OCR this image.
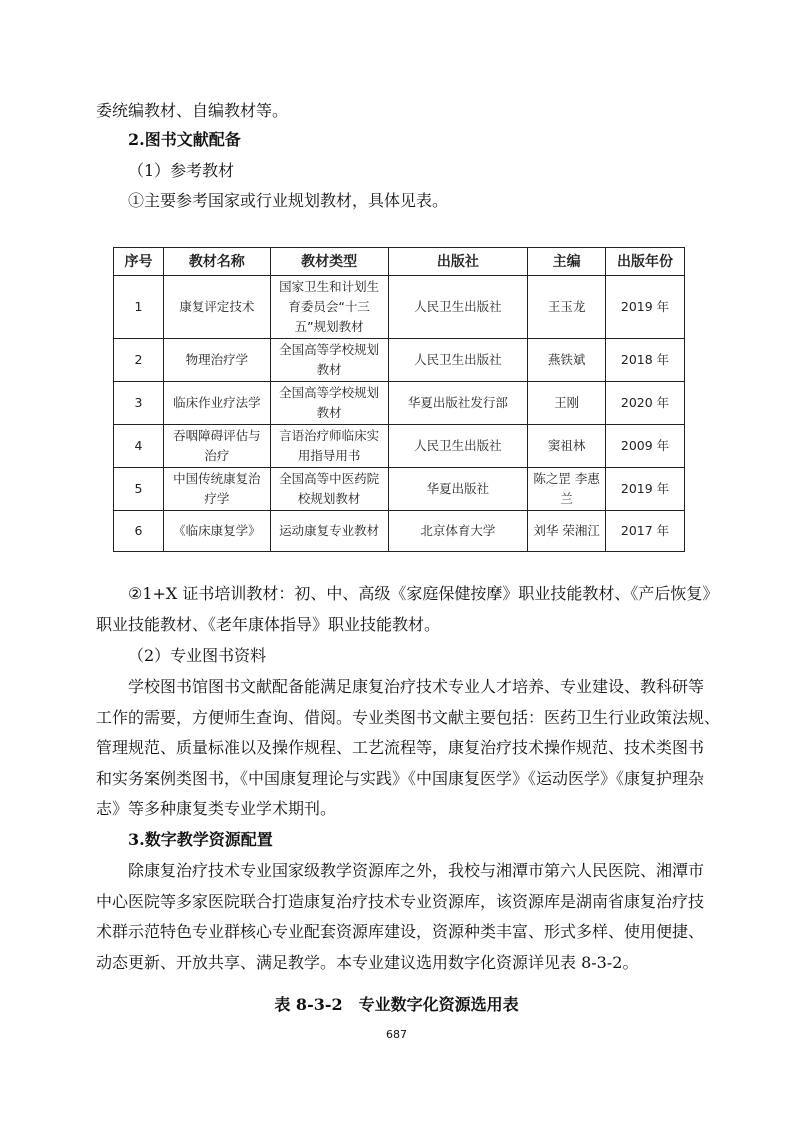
委统编教材、自编教材等。
2.图书文献配备
（1）参考教材
①主要参考国家或行业规划教材，具体见表。
序号	教材名称	教材类型	出版社	主编	出版年份
1	康复评定技术	国家卫生和计划生育委员会“十三五”规划教材	人民卫生出版社	王玉龙	2019 年
2	物理治疗学	全国高等学校规划教材	人民卫生出版社	燕铁斌	2018 年
3	临床作业疗法学	全国高等学校规划教材	华夏出版社发行部	王刚	2020 年
4	吞咽障碍评估与治疗	言语治疗师临床实用指导用书	人民卫生出版社	窦祖林	2009 年
5	中国传统康复治疗学	全国高等中医药院校规划教材	华夏出版社	陈之罡 李惠兰	2019 年
6	《临床康复学》	运动康复专业教材	北京体育大学	刘华 荣湘江	2017 年
②1+X 证书培训教材：初、中、高级《家庭保健按摩》职业技能教材、《产后恢复》
职业技能教材、《老年康体指导》职业技能教材。
（2）专业图书资料
学校图书馆图书文献配备能满足康复治疗技术专业人才培养、专业建设、教科研等
工作的需要，方便师生查询、借阅。专业类图书文献主要包括：医药卫生行业政策法规、
管理规范、质量标准以及操作规程、工艺流程等，康复治疗技术操作规范、技术类图书
和实务案例类图书，《中国康复理论与实践》《中国康复医学》《运动医学》《康复护理杂
志》等多种康复类专业学术期刊。
3.数字教学资源配置
除康复治疗技术专业国家级教学资源库之外，我校与湘潭市第六人民医院、湘潭市
中心医院等多家医院联合打造康复治疗技术专业资源库，该资源库是湖南省康复治疗技
术群示范特色专业群核心专业配套资源库建设，资源种类丰富、形式多样、使用便捷、
动态更新、开放共享、满足教学。本专业建议选用数字化资源详见表 8-3-2。
表 8-3-2　专业数字化资源选用表
687
